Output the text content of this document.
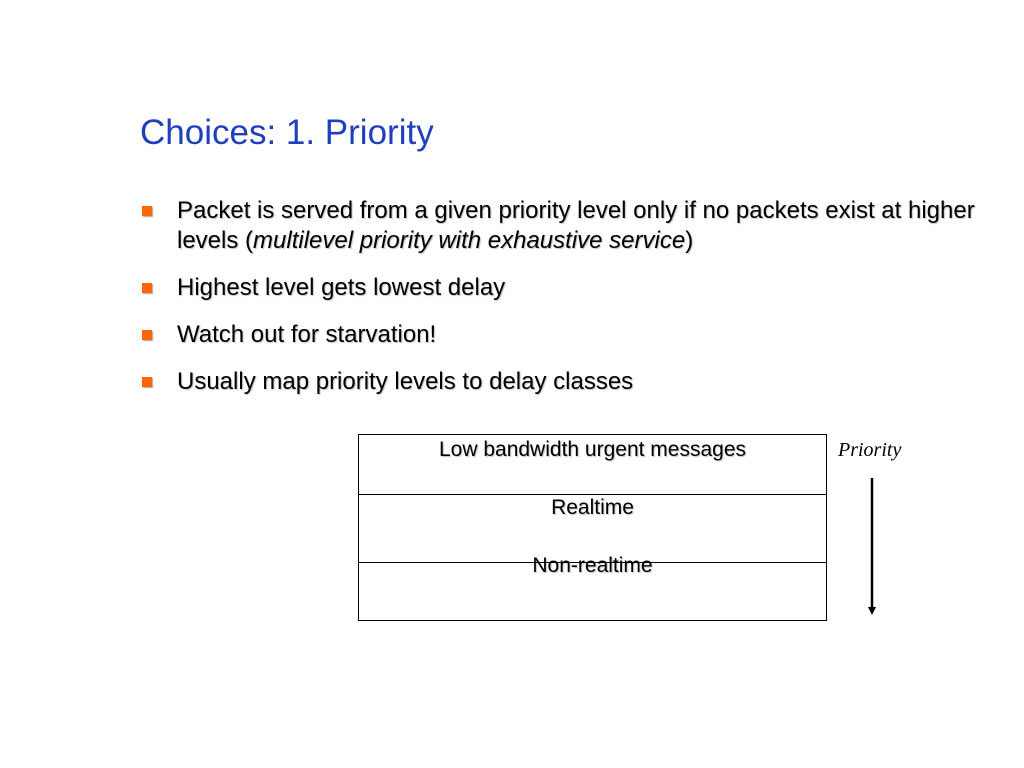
Choices: 1. Priority
Packet is served from a given priority level only if no packets exist at higher levels (multilevel priority with exhaustive service)
Highest level gets lowest delay
Watch out for starvation!
Usually map priority levels to delay classes
Low bandwidth urgent messages
Realtime
Non-realtime
Priority
